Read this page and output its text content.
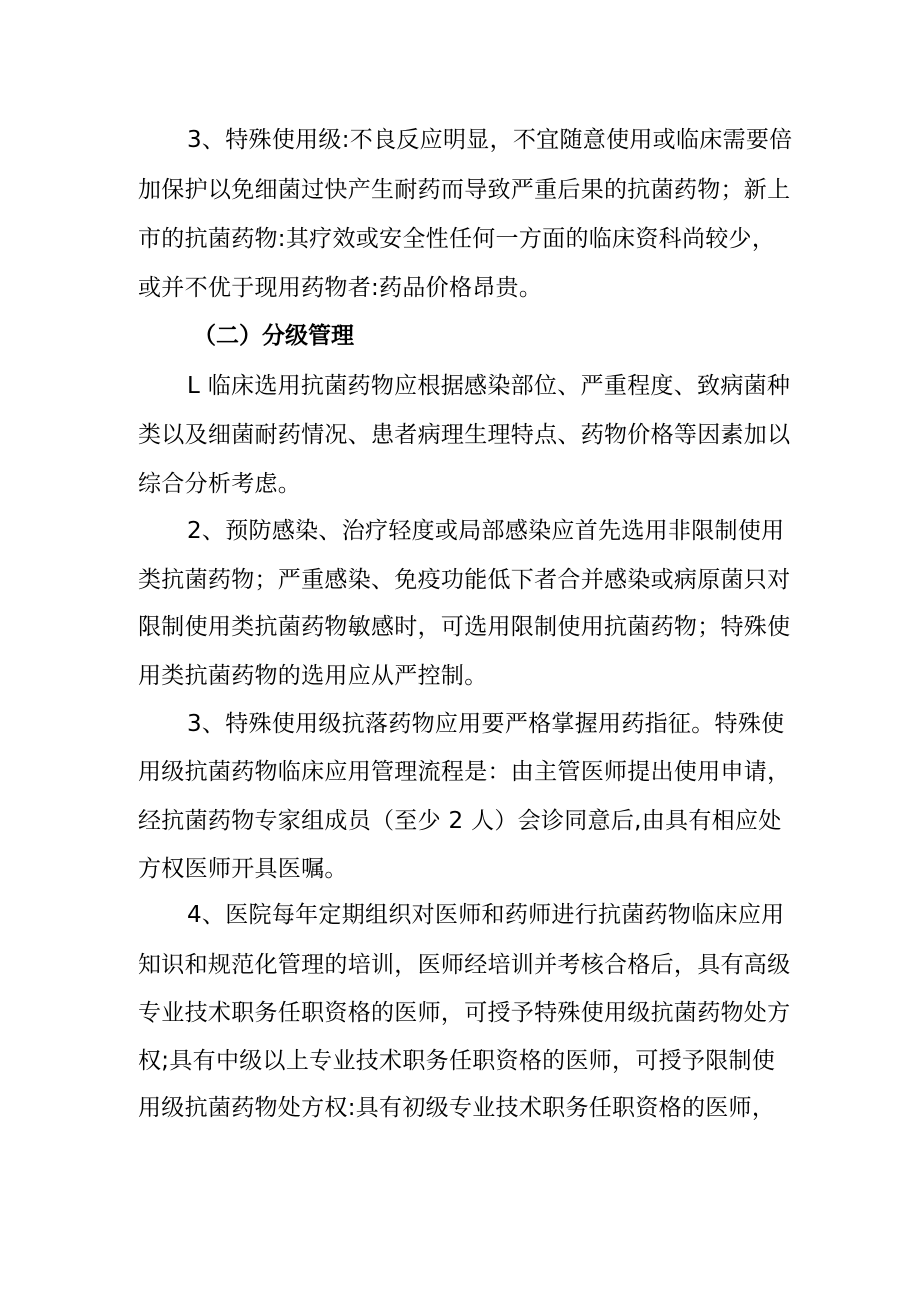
3、特殊使用级:不良反应明显，不宜随意使用或临床需要倍
加保护以免细菌过快产生耐药而导致严重后果的抗菌药物；新上
市的抗菌药物:其疗效或安全性任何一方面的临床资科尚较少，
或并不优于现用药物者:药品价格昂贵。
（二）分级管理
L 临床选用抗菌药物应根据感染部位、严重程度、致病菌种
类以及细菌耐药情况、患者病理生理特点、药物价格等因素加以
综合分析考虑。
2、预防感染、治疗轻度或局部感染应首先选用非限制使用
类抗菌药物；严重感染、免疫功能低下者合并感染或病原菌只对
限制使用类抗菌药物敏感时，可选用限制使用抗菌药物；特殊使
用类抗菌药物的选用应从严控制。
3、特殊使用级抗落药物应用要严格掌握用药指征。特殊使
用级抗菌药物临床应用管理流程是：由主管医师提出使用申请，
经抗菌药物专家组成员（至少 2 人）会诊同意后,由具有相应处
方权医师开具医嘱。
4、医院每年定期组织对医师和药师进行抗菌药物临床应用
知识和规范化管理的培训，医师经培训并考核合格后，具有高级
专业技术职务任职资格的医师，可授予特殊使用级抗菌药物处方
权;具有中级以上专业技术职务任职资格的医师，可授予限制使
用级抗菌药物处方权:具有初级专业技术职务任职资格的医师，
